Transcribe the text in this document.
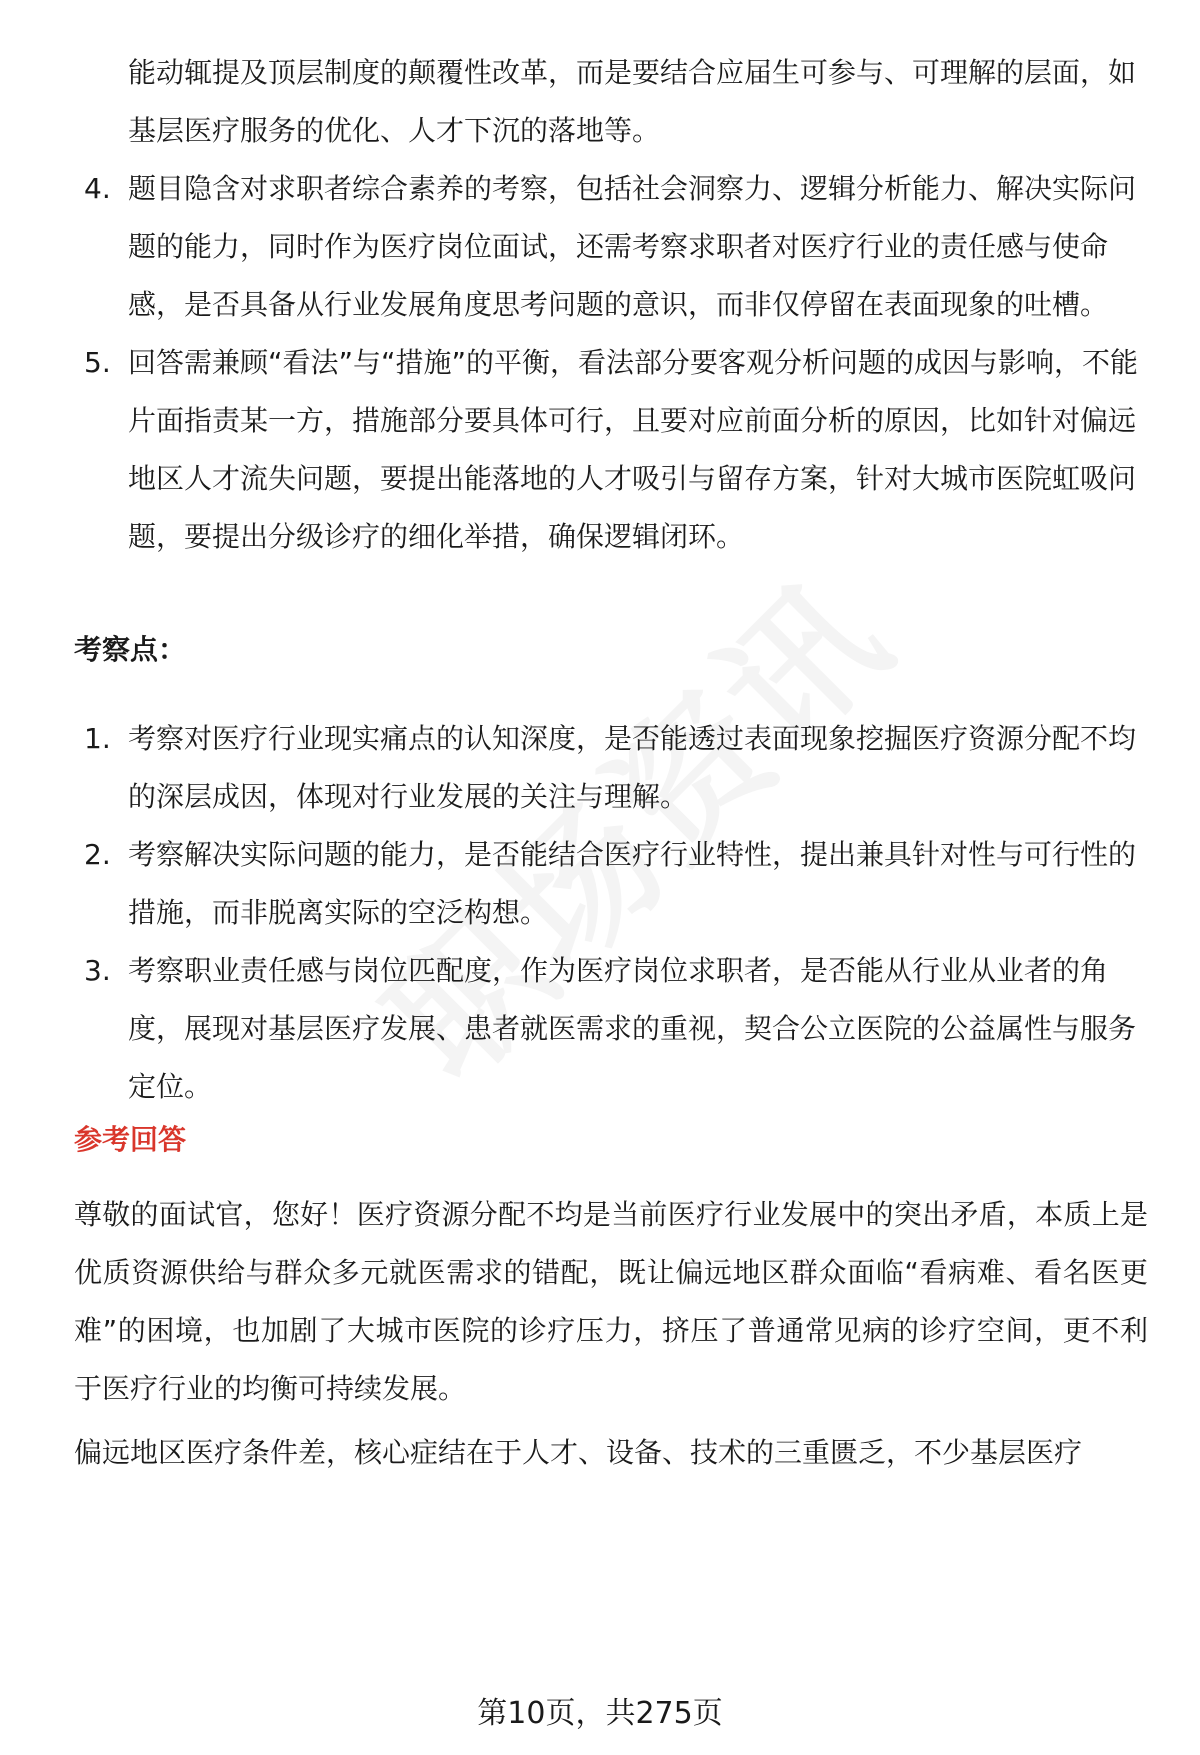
能动辄提及顶层制度的颠覆性改革，而是要结合应届生可参与、可理解的层面，如基层医疗服务的优化、人才下沉的落地等。
4. 题目隐含对求职者综合素养的考察，包括社会洞察力、逻辑分析能力、解决实际问题的能力，同时作为医疗岗位面试，还需考察求职者对医疗行业的责任感与使命感，是否具备从行业发展角度思考问题的意识，而非仅停留在表面现象的吐槽。
5. 回答需兼顾“看法”与“措施”的平衡，看法部分要客观分析问题的成因与影响，不能片面指责某一方，措施部分要具体可行，且要对应前面分析的原因，比如针对偏远地区人才流失问题，要提出能落地的人才吸引与留存方案，针对大城市医院虹吸问题，要提出分级诊疗的细化举措，确保逻辑闭环。
考察点：
1. 考察对医疗行业现实痛点的认知深度，是否能透过表面现象挖掘医疗资源分配不均的深层成因，体现对行业发展的关注与理解。
2. 考察解决实际问题的能力，是否能结合医疗行业特性，提出兼具针对性与可行性的措施，而非脱离实际的空泛构想。
3. 考察职业责任感与岗位匹配度，作为医疗岗位求职者，是否能从行业从业者的角度，展现对基层医疗发展、患者就医需求的重视，契合公立医院的公益属性与服务定位。
参考回答
尊敬的面试官，您好！医疗资源分配不均是当前医疗行业发展中的突出矛盾，本质上是优质资源供给与群众多元就医需求的错配，既让偏远地区群众面临“看病难、看名医更难”的困境，也加剧了大城市医院的诊疗压力，挤压了普通常见病的诊疗空间，更不利于医疗行业的均衡可持续发展。
偏远地区医疗条件差，核心症结在于人才、设备、技术的三重匮乏，不少基层医疗
第10页，共275页
